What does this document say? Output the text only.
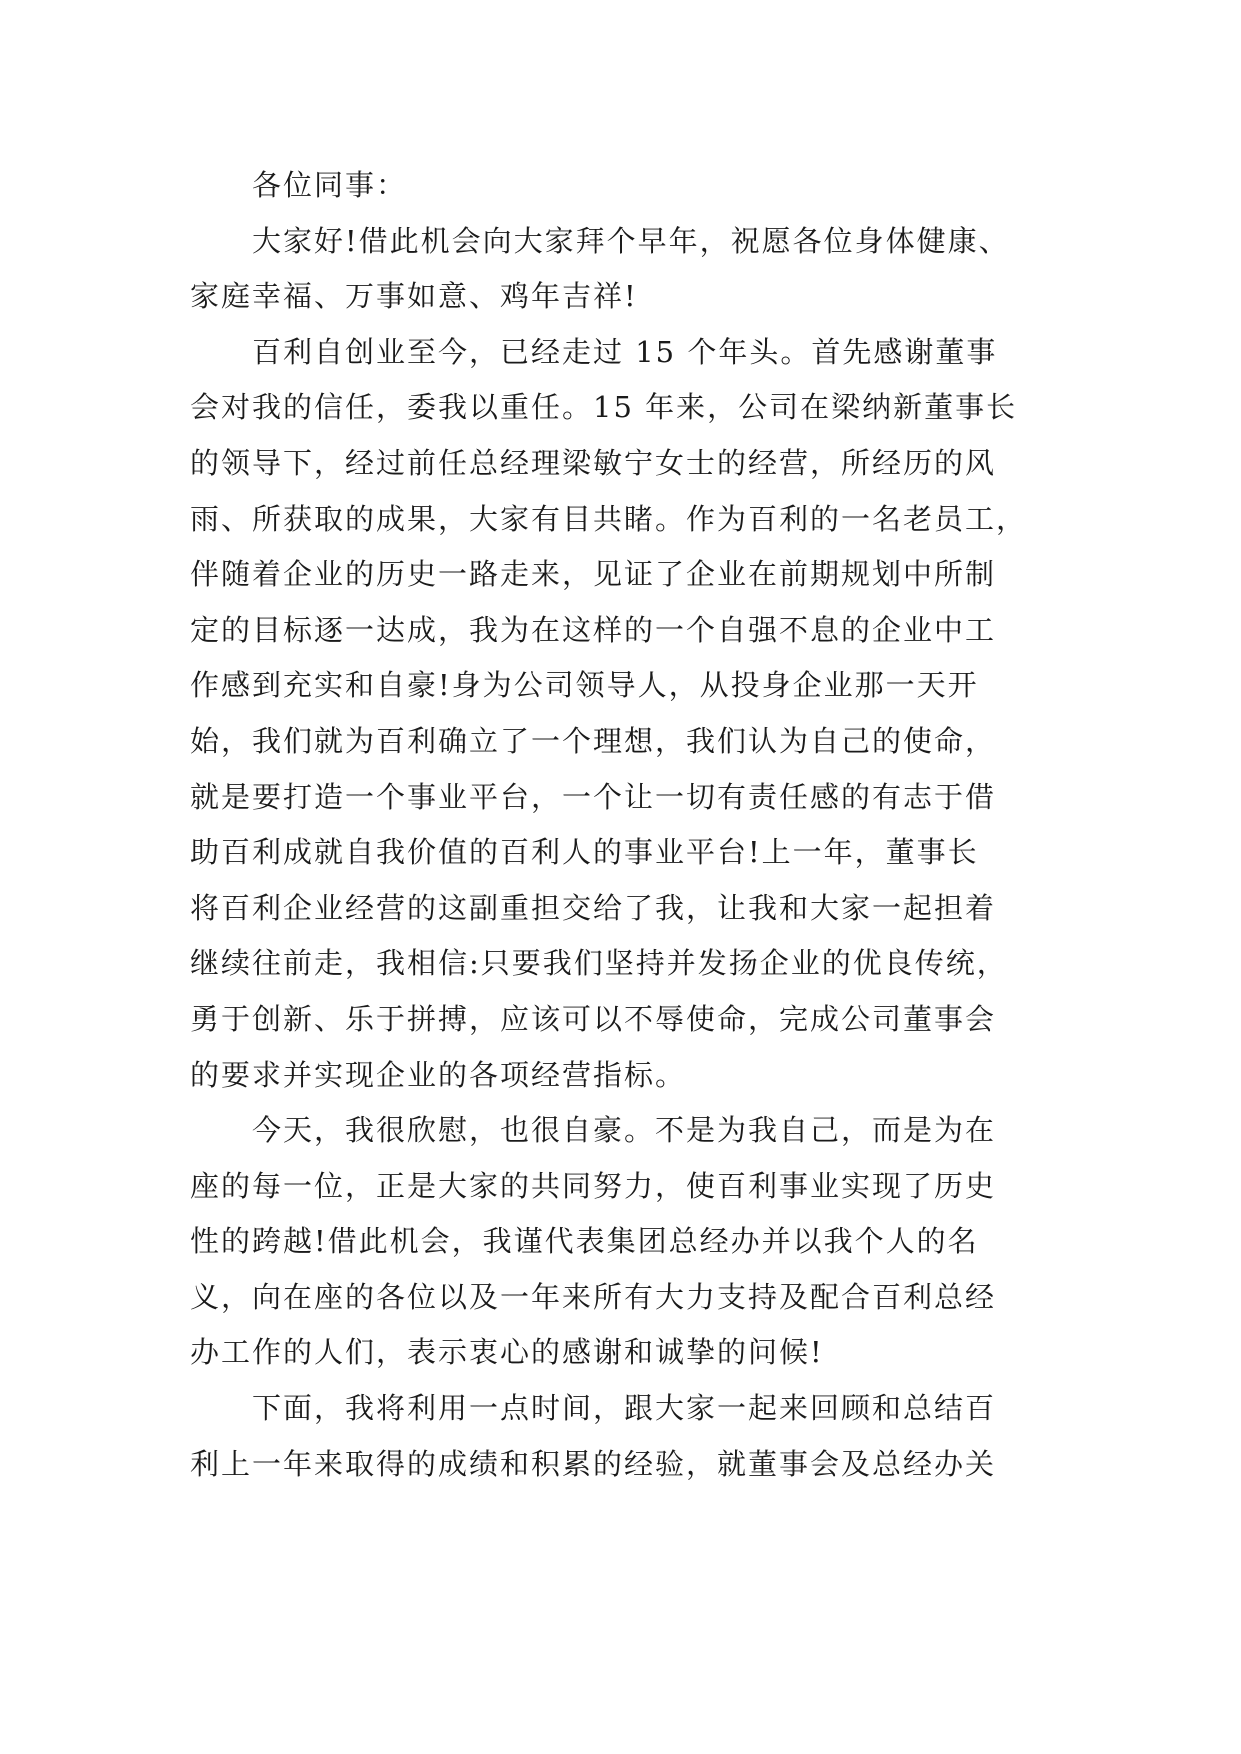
各位同事：
大家好!借此机会向大家拜个早年，祝愿各位身体健康、
家庭幸福、万事如意、鸡年吉祥!
百利自创业至今，已经走过 15 个年头。首先感谢董事
会对我的信任，委我以重任。15 年来，公司在梁纳新董事长
的领导下，经过前任总经理梁敏宁女士的经营，所经历的风
雨、所获取的成果，大家有目共睹。作为百利的一名老员工，
伴随着企业的历史一路走来，见证了企业在前期规划中所制
定的目标逐一达成，我为在这样的一个自强不息的企业中工
作感到充实和自豪!身为公司领导人，从投身企业那一天开
始，我们就为百利确立了一个理想，我们认为自己的使命，
就是要打造一个事业平台，一个让一切有责任感的有志于借
助百利成就自我价值的百利人的事业平台!上一年，董事长
将百利企业经营的这副重担交给了我，让我和大家一起担着
继续往前走，我相信:只要我们坚持并发扬企业的优良传统，
勇于创新、乐于拼搏，应该可以不辱使命，完成公司董事会
的要求并实现企业的各项经营指标。
今天，我很欣慰，也很自豪。不是为我自己，而是为在
座的每一位，正是大家的共同努力，使百利事业实现了历史
性的跨越!借此机会，我谨代表集团总经办并以我个人的名
义，向在座的各位以及一年来所有大力支持及配合百利总经
办工作的人们，表示衷心的感谢和诚挚的问候!
下面，我将利用一点时间，跟大家一起来回顾和总结百
利上一年来取得的成绩和积累的经验，就董事会及总经办关
